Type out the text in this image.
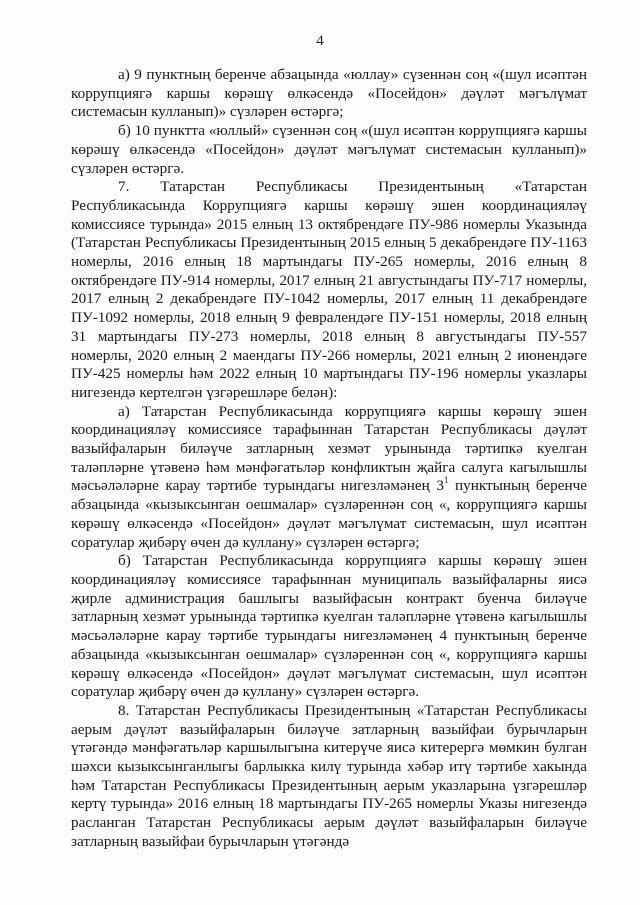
4

а) 9 пунктның беренче абзацында «юллау» сүзеннән соң «(шул исәптән коррупциягә каршы көрәшү өлкәсендә «Посейдон» дәүләт мәгълүмат системасын кулланып)» сүзләрен өстәргә;

б) 10 пунктта «юллый» сүзеннән соң «(шул исәптән коррупциягә каршы көрәшү өлкәсендә «Посейдон» дәүләт мәгълүмат системасын кулланып)» сүзләрен өстәргә.

7. Татарстан Республикасы Президентының «Татарстан Республикасында Коррупциягә каршы көрәшү эшен координацияләү комиссиясе турында» 2015 елның 13 октябрендәге ПУ-986 номерлы Указында (Татарстан Республикасы Президентының 2015 елның 5 декабрендәге ПУ-1163 номерлы, 2016 елның 18 мартындагы ПУ-265 номерлы, 2016 елның 8 октябрендәге ПУ-914 номерлы, 2017 елның 21 августындагы ПУ-717 номерлы, 2017 елның 2 декабрендәге ПУ-1042 номерлы, 2017 елның 11 декабрендәге ПУ-1092 номерлы, 2018 елның 9 февралендәге ПУ-151 номерлы, 2018 елның 31 мартындагы ПУ-273 номерлы, 2018 елның 8 августындагы ПУ-557 номерлы, 2020 елның 2 маендагы ПУ-266 номерлы, 2021 елның 2 июнендәге ПУ-425 номерлы һәм 2022 елның 10 мартындагы ПУ-196 номерлы указлары нигезендә кертелгән үзгәрешләре белән):

а) Татарстан Республикасында коррупциягә каршы көрәшү эшен координацияләү комиссиясе тарафыннан Татарстан Республикасы дәүләт вазыйфаларын биләүче затларның хезмәт урынында тәртипкә куелган таләпләрне үтәвенә һәм мәнфәгатьләр конфликтын җайга салуга кагылышлы мәсьәләләрне карау тәртибе турындагы нигезләмәнең $3^1$ пунктының беренче абзацында «кызыксынган оешмалар» сүзләреннән соң «, коррупциягә каршы көрәшү өлкәсендә «Посейдон» дәүләт мәгълүмат системасын, шул исәптән соратулар җибәрү өчен дә куллану» сүзләрен өстәргә;

б) Татарстан Республикасында коррупциягә каршы көрәшү эшен координацияләү комиссиясе тарафыннан муниципаль вазыйфаларны яисә җирле администрация башлыгы вазыйфасын контракт буенча биләүче затларның хезмәт урынында тәртипкә куелган таләпләрне үтәвенә кагылышлы мәсьәләләрне карау тәртибе турындагы нигезләмәнең 4 пунктының беренче абзацында «кызыксынган оешмалар» сүзләреннән соң «, коррупциягә каршы көрәшү өлкәсендә «Посейдон» дәүләт мәгълүмат системасын, шул исәптән соратулар җибәрү өчен дә куллану» сүзләрен өстәргә.

8. Татарстан Республикасы Президентының «Татарстан Республикасы аерым дәүләт вазыйфаларын биләүче затларның вазыйфаи бурычларын үтәгәндә мәнфәгатьләр каршылыгына китерүче яисә китерергә мөмкин булган шәхси кызыксынганлыгы барлыкка килү турында хәбәр итү тәртибе хакында һәм Татарстан Республикасы Президентының аерым указларына үзгәрешләр кертү турында» 2016 елның 18 мартындагы ПУ-265 номерлы Указы нигезендә расланган Татарстан Республикасы аерым дәүләт вазыйфаларын биләүче затларның вазыйфаи бурычларын үтәгәндә
